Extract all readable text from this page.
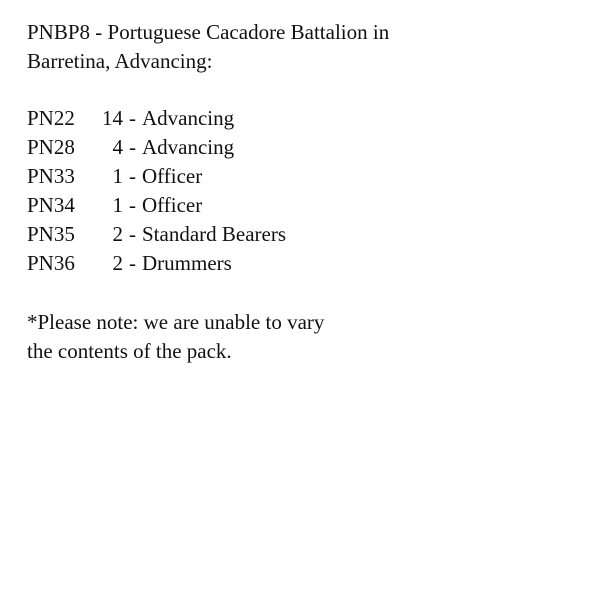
PNBP8 - Portuguese Cacadore Battalion in
Barretina, Advancing:
PN22	14 - Advancing
PN28	4 - Advancing
PN33	1 - Officer
PN34	1 - Officer
PN35	2 - Standard Bearers
PN36	2 - Drummers

*Please note: we are unable to vary
the contents of the pack.
